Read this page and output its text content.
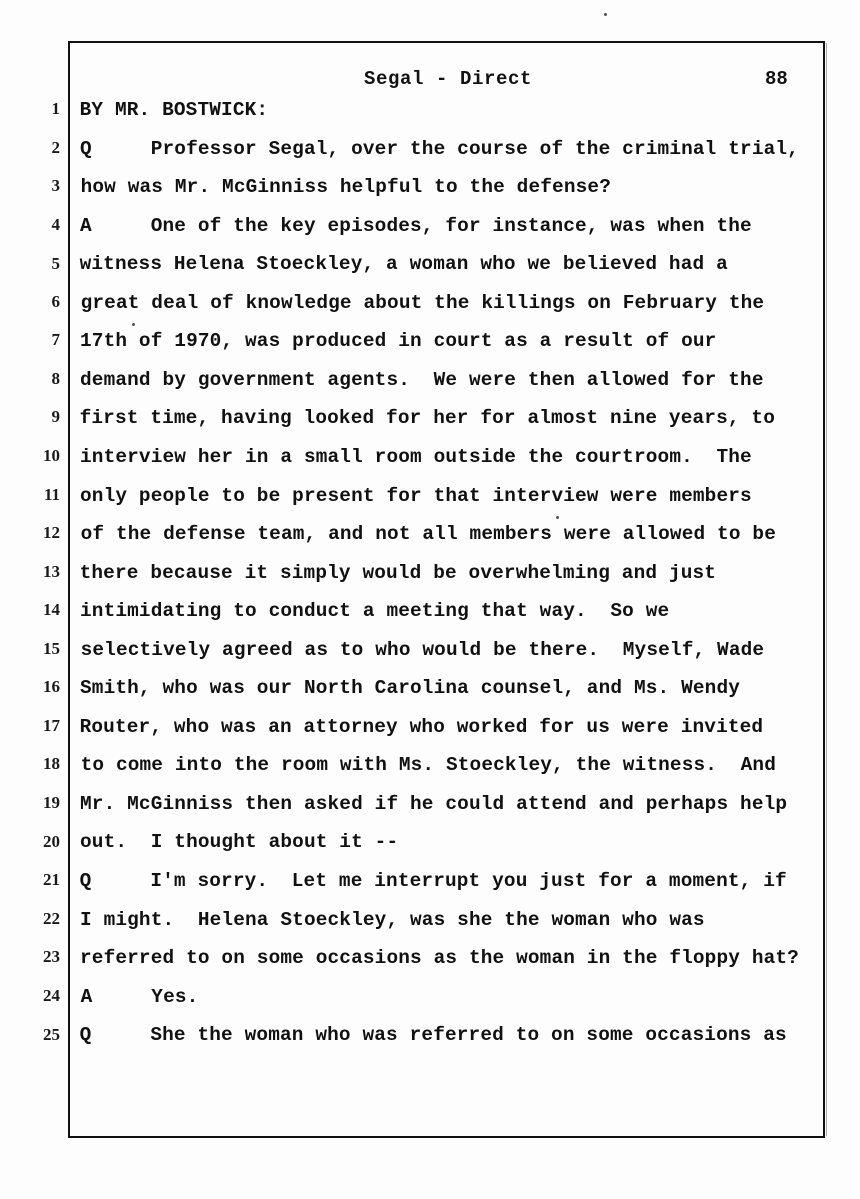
Segal - Direct	88
1
2
3
4
5
6
7
8
9
10
11
12
13
14
15
16
17
18
19
20
21
22
23
24
25
BY MR. BOSTWICK:
Q     Professor Segal, over the course of the criminal trial,
how was Mr. McGinniss helpful to the defense?
A     One of the key episodes, for instance, was when the
witness Helena Stoeckley, a woman who we believed had a
great deal of knowledge about the killings on February the
17th of 1970, was produced in court as a result of our
demand by government agents.  We were then allowed for the
first time, having looked for her for almost nine years, to
interview her in a small room outside the courtroom.  The
only people to be present for that interview were members
of the defense team, and not all members were allowed to be
there because it simply would be overwhelming and just
intimidating to conduct a meeting that way.  So we
selectively agreed as to who would be there.  Myself, Wade
Smith, who was our North Carolina counsel, and Ms. Wendy
Router, who was an attorney who worked for us were invited
to come into the room with Ms. Stoeckley, the witness.  And
Mr. McGinniss then asked if he could attend and perhaps help
out.  I thought about it --
Q     I'm sorry.  Let me interrupt you just for a moment, if
I might.  Helena Stoeckley, was she the woman who was
referred to on some occasions as the woman in the floppy hat?
A     Yes.
Q     She the woman who was referred to on some occasions as
